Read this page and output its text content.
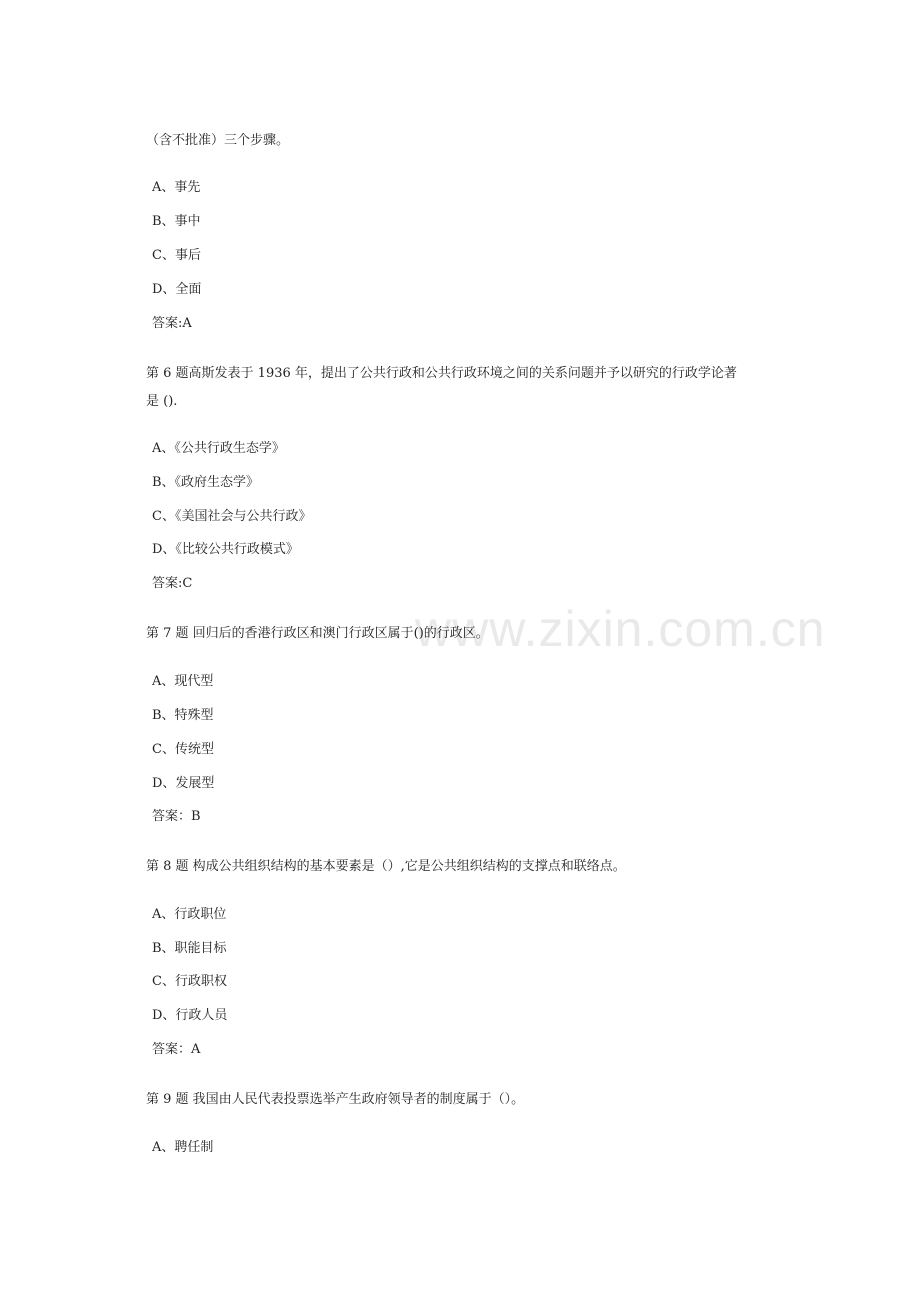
www.zixin.com.cn
（含不批准）三个步骤。
A、事先
B、事中
C、事后
D、全面
答案:A
第 6 题高斯发表于 1936 年，提出了公共行政和公共行政环境之间的关系问题并予以研究的行政学论著
是 ().
A、《公共行政生态学》
B、《政府生态学》
C、《美国社会与公共行政》
D、《比较公共行政模式》
答案:C
第 7 题 回归后的香港行政区和澳门行政区属于()的行政区。
A、现代型
B、特殊型
C、传统型
D、发展型
答案：B
第 8 题 构成公共组织结构的基本要素是（）,它是公共组织结构的支撑点和联络点。
A、行政职位
B、职能目标
C、行政职权
D、行政人员
答案：A
第 9 题 我国由人民代表投票选举产生政府领导者的制度属于（）。
A、聘任制
